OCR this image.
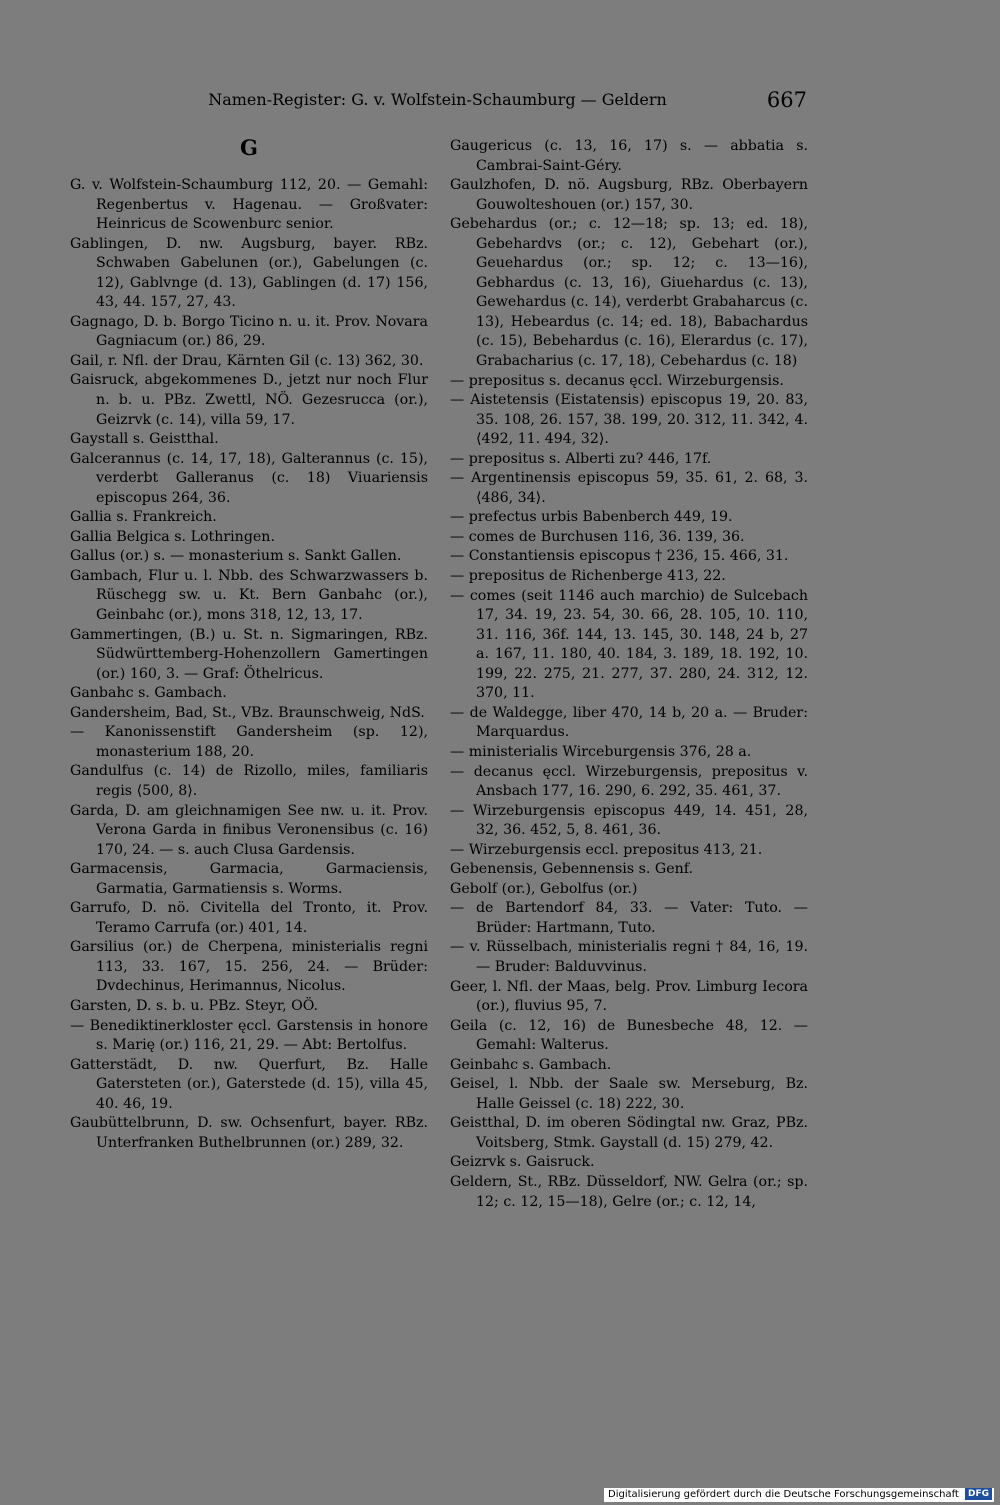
Namen-Register: G. v. Wolfstein-Schaumburg — Geldern	667
G
G. v. Wolfstein-Schaumburg 112, 20. — Gemahl: Regenbertus v. Hagenau. — Großvater: Heinricus de Scowenburc senior.
Gablingen, D. nw. Augsburg, bayer. RBz. Schwaben Gabelunen (or.), Gabelungen (c. 12), Gablvnge (d. 13), Gablingen (d. 17) 156, 43, 44. 157, 27, 43.
Gagnago, D. b. Borgo Ticino n. u. it. Prov. Novara Gagniacum (or.) 86, 29.
Gail, r. Nfl. der Drau, Kärnten Gil (c. 13) 362, 30.
Gaisruck, abgekommenes D., jetzt nur noch Flur n. b. u. PBz. Zwettl, NÖ. Gezesrucca (or.), Geizrvk (c. 14), villa 59, 17.
Gaystall s. Geistthal.
Galcerannus (c. 14, 17, 18), Galterannus (c. 15), verderbt Galleranus (c. 18) Viuariensis episcopus 264, 36.
Gallia s. Frankreich.
Gallia Belgica s. Lothringen.
Gallus (or.) s. — monasterium s. Sankt Gallen.
Gambach, Flur u. l. Nbb. des Schwarzwassers b. Rüschegg sw. u. Kt. Bern Ganbahc (or.), Geinbahc (or.), mons 318, 12, 13, 17.
Gammertingen, (B.) u. St. n. Sigmaringen, RBz. Südwürttemberg-Hohenzollern Gamertingen (or.) 160, 3. — Graf: Öthelricus.
Ganbahc s. Gambach.
Gandersheim, Bad, St., VBz. Braunschweig, NdS.
— Kanonissenstift Gandersheim (sp. 12), monasterium 188, 20.
Gandulfus (c. 14) de Rizollo, miles, familiaris regis ⟨500, 8⟩.
Garda, D. am gleichnamigen See nw. u. it. Prov. Verona Garda in finibus Veronensibus (c. 16) 170, 24. — s. auch Clusa Gardensis.
Garmacensis, Garmacia, Garmaciensis, Garmatia, Garmatiensis s. Worms.
Garrufo, D. nö. Civitella del Tronto, it. Prov. Teramo Carrufa (or.) 401, 14.
Garsilius (or.) de Cherpena, ministerialis regni 113, 33. 167, 15. 256, 24. — Brüder: Dvdechinus, Herimannus, Nicolus.
Garsten, D. s. b. u. PBz. Steyr, OÖ.
— Benediktinerkloster ęccl. Garstensis in honore s. Marię (or.) 116, 21, 29. — Abt: Bertolfus.
Gatterstädt, D. nw. Querfurt, Bz. Halle Gatersteten (or.), Gaterstede (d. 15), villa 45, 40. 46, 19.
Gaubüttelbrunn, D. sw. Ochsenfurt, bayer. RBz. Unterfranken Buthelbrunnen (or.) 289, 32.
Gaugericus (c. 13, 16, 17) s. — abbatia s. Cambrai-Saint-Géry.
Gaulzhofen, D. nö. Augsburg, RBz. Oberbayern Gouwolteshouen (or.) 157, 30.
Gebehardus (or.; c. 12—18; sp. 13; ed. 18), Gebehardvs (or.; c. 12), Gebehart (or.), Geuehardus (or.; sp. 12; c. 13—16), Gebhardus (c. 13, 16), Giuehardus (c. 13), Gewehardus (c. 14), verderbt Grabaharcus (c. 13), Hebeardus (c. 14; ed. 18), Babachardus (c. 15), Bebehardus (c. 16), Elerardus (c. 17), Grabacharius (c. 17, 18), Cebehardus (c. 18)
— prepositus s. decanus ęccl. Wirzeburgensis.
— Aistetensis (Eistatensis) episcopus 19, 20. 83, 35. 108, 26. 157, 38. 199, 20. 312, 11. 342, 4. ⟨492, 11. 494, 32⟩.
— prepositus s. Alberti zu? 446, 17f.
— Argentinensis episcopus 59, 35. 61, 2. 68, 3. ⟨486, 34⟩.
— prefectus urbis Babenberch 449, 19.
— comes de Burchusen 116, 36. 139, 36.
— Constantiensis episcopus † 236, 15. 466, 31.
— prepositus de Richenberge 413, 22.
— comes (seit 1146 auch marchio) de Sulcebach 17, 34. 19, 23. 54, 30. 66, 28. 105, 10. 110, 31. 116, 36f. 144, 13. 145, 30. 148, 24 b, 27 a. 167, 11. 180, 40. 184, 3. 189, 18. 192, 10. 199, 22. 275, 21. 277, 37. 280, 24. 312, 12. 370, 11.
— de Waldegge, liber 470, 14 b, 20 a. — Bruder: Marquardus.
— ministerialis Wirceburgensis 376, 28 a.
— decanus ęccl. Wirzeburgensis, prepositus v. Ansbach 177, 16. 290, 6. 292, 35. 461, 37.
— Wirzeburgensis episcopus 449, 14. 451, 28, 32, 36. 452, 5, 8. 461, 36.
— Wirzeburgensis eccl. prepositus 413, 21.
Gebenensis, Gebennensis s. Genf.
Gebolf (or.), Gebolfus (or.)
— de Bartendorf 84, 33. — Vater: Tuto. — Brüder: Hartmann, Tuto.
— v. Rüsselbach, ministerialis regni † 84, 16, 19. — Bruder: Balduvvinus.
Geer, l. Nfl. der Maas, belg. Prov. Limburg Iecora (or.), fluvius 95, 7.
Geila (c. 12, 16) de Bunesbeche 48, 12. — Gemahl: Walterus.
Geinbahc s. Gambach.
Geisel, l. Nbb. der Saale sw. Merseburg, Bz. Halle Geissel (c. 18) 222, 30.
Geistthal, D. im oberen Södingtal nw. Graz, PBz. Voitsberg, Stmk. Gaystall (d. 15) 279, 42.
Geizrvk s. Gaisruck.
Geldern, St., RBz. Düsseldorf, NW. Gelra (or.; sp. 12; c. 12, 15—18), Gelre (or.; c. 12, 14,
Digitalisierung gefördert durch die Deutsche Forschungsgemeinschaft DFG
